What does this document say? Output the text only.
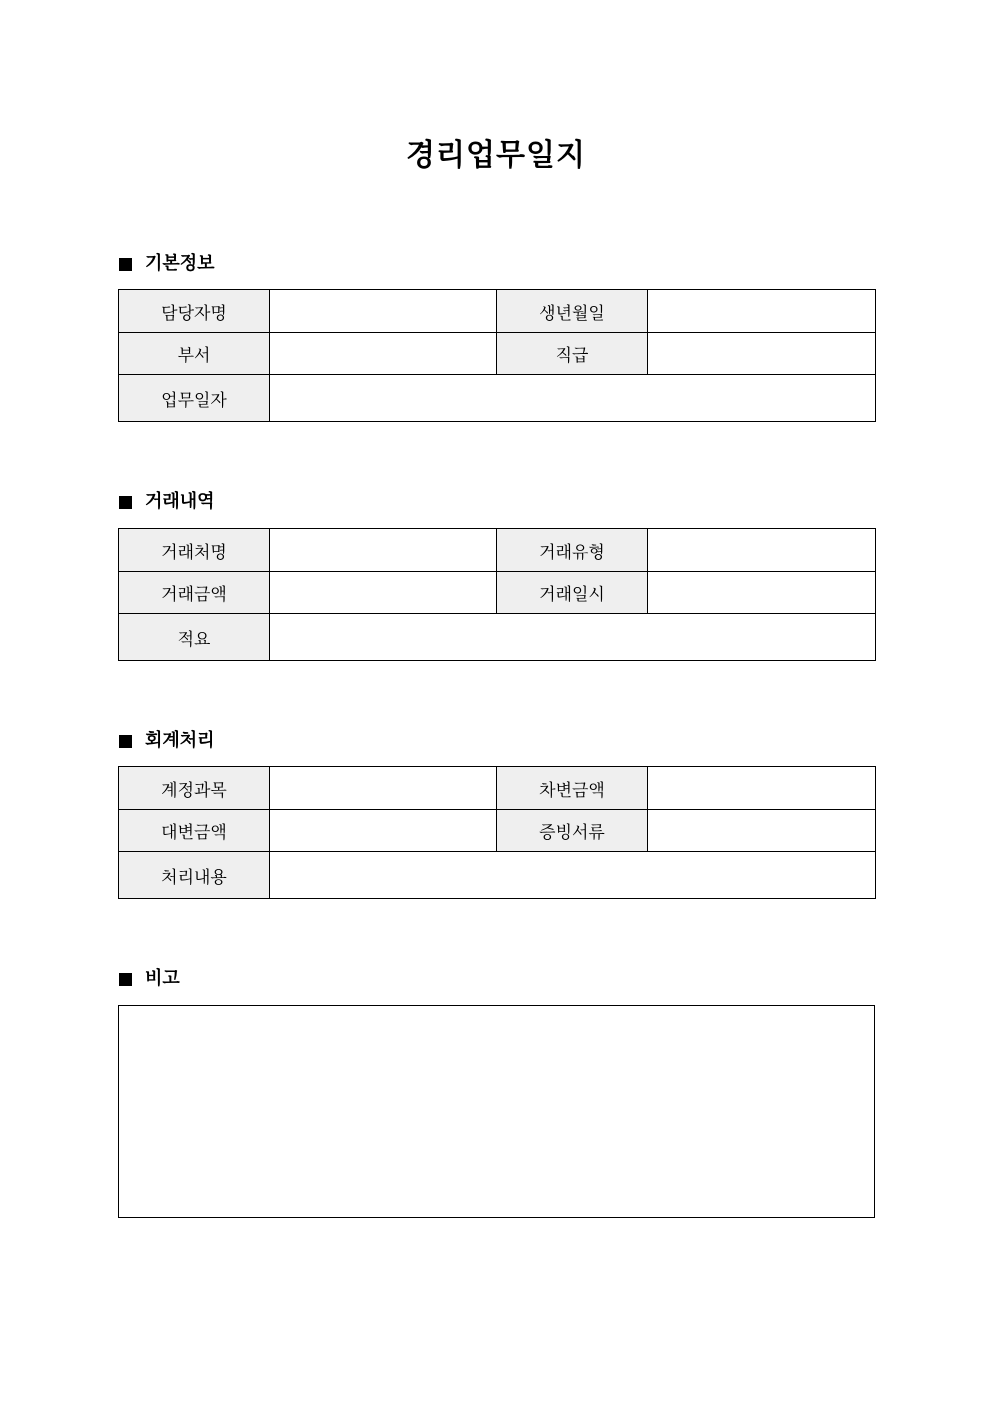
경리업무일지
기본정보
담당자명		생년월일	
부서		직급	
업무일자			
거래내역
거래처명		거래유형	
거래금액		거래일시	
적요			
회계처리
계정과목		차변금액	
대변금액		증빙서류	
처리내용			
비고
